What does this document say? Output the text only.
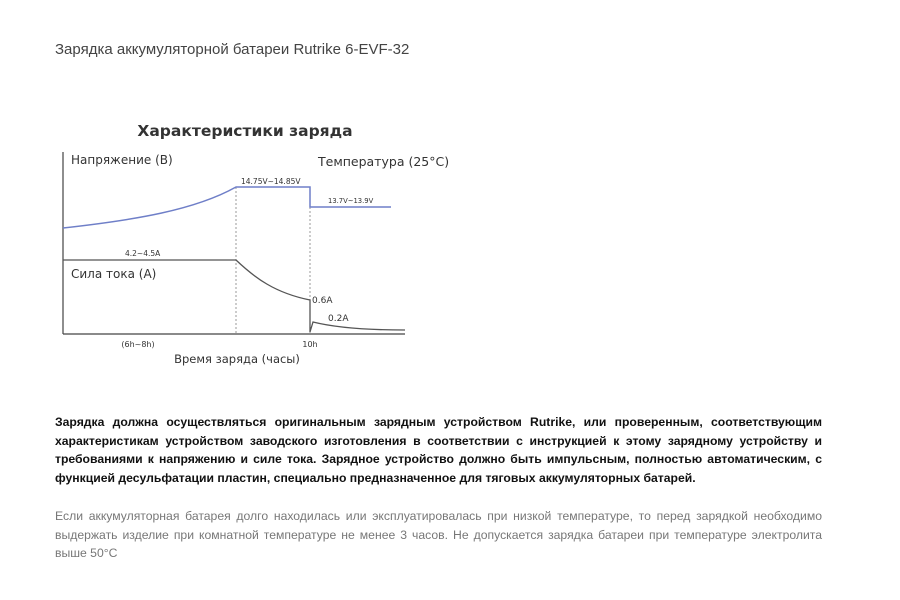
Зарядка аккумуляторной батареи Rutrike 6-EVF-32
Характеристики заряда
Напряжение (В)	Температура (25°C)
Сила тока (А)
14.75V~14.85V
13.7V~13.9V
4.2~4.5A
0.6A
0.2A
(6h~8h)	10h
Время заряда (часы)

Зарядка должна осуществляться оригинальным зарядным устройством Rutrike, или проверенным, соответствующим характеристикам устройством заводского изготовления в соответствии с инструкцией к этому зарядному устройству и требованиями к напряжению и силе тока. Зарядное устройство должно быть импульсным, полностью автоматическим, с функцией десульфатации пластин, специально предназначенное для тяговых аккумуляторных батарей.

Если аккумуляторная батарея долго находилась или эксплуатировалась при низкой температуре, то перед зарядкой необходимо выдержать изделие при комнатной температуре не менее 3 часов. Не допускается зарядка батареи при температуре электролита выше 50°С
